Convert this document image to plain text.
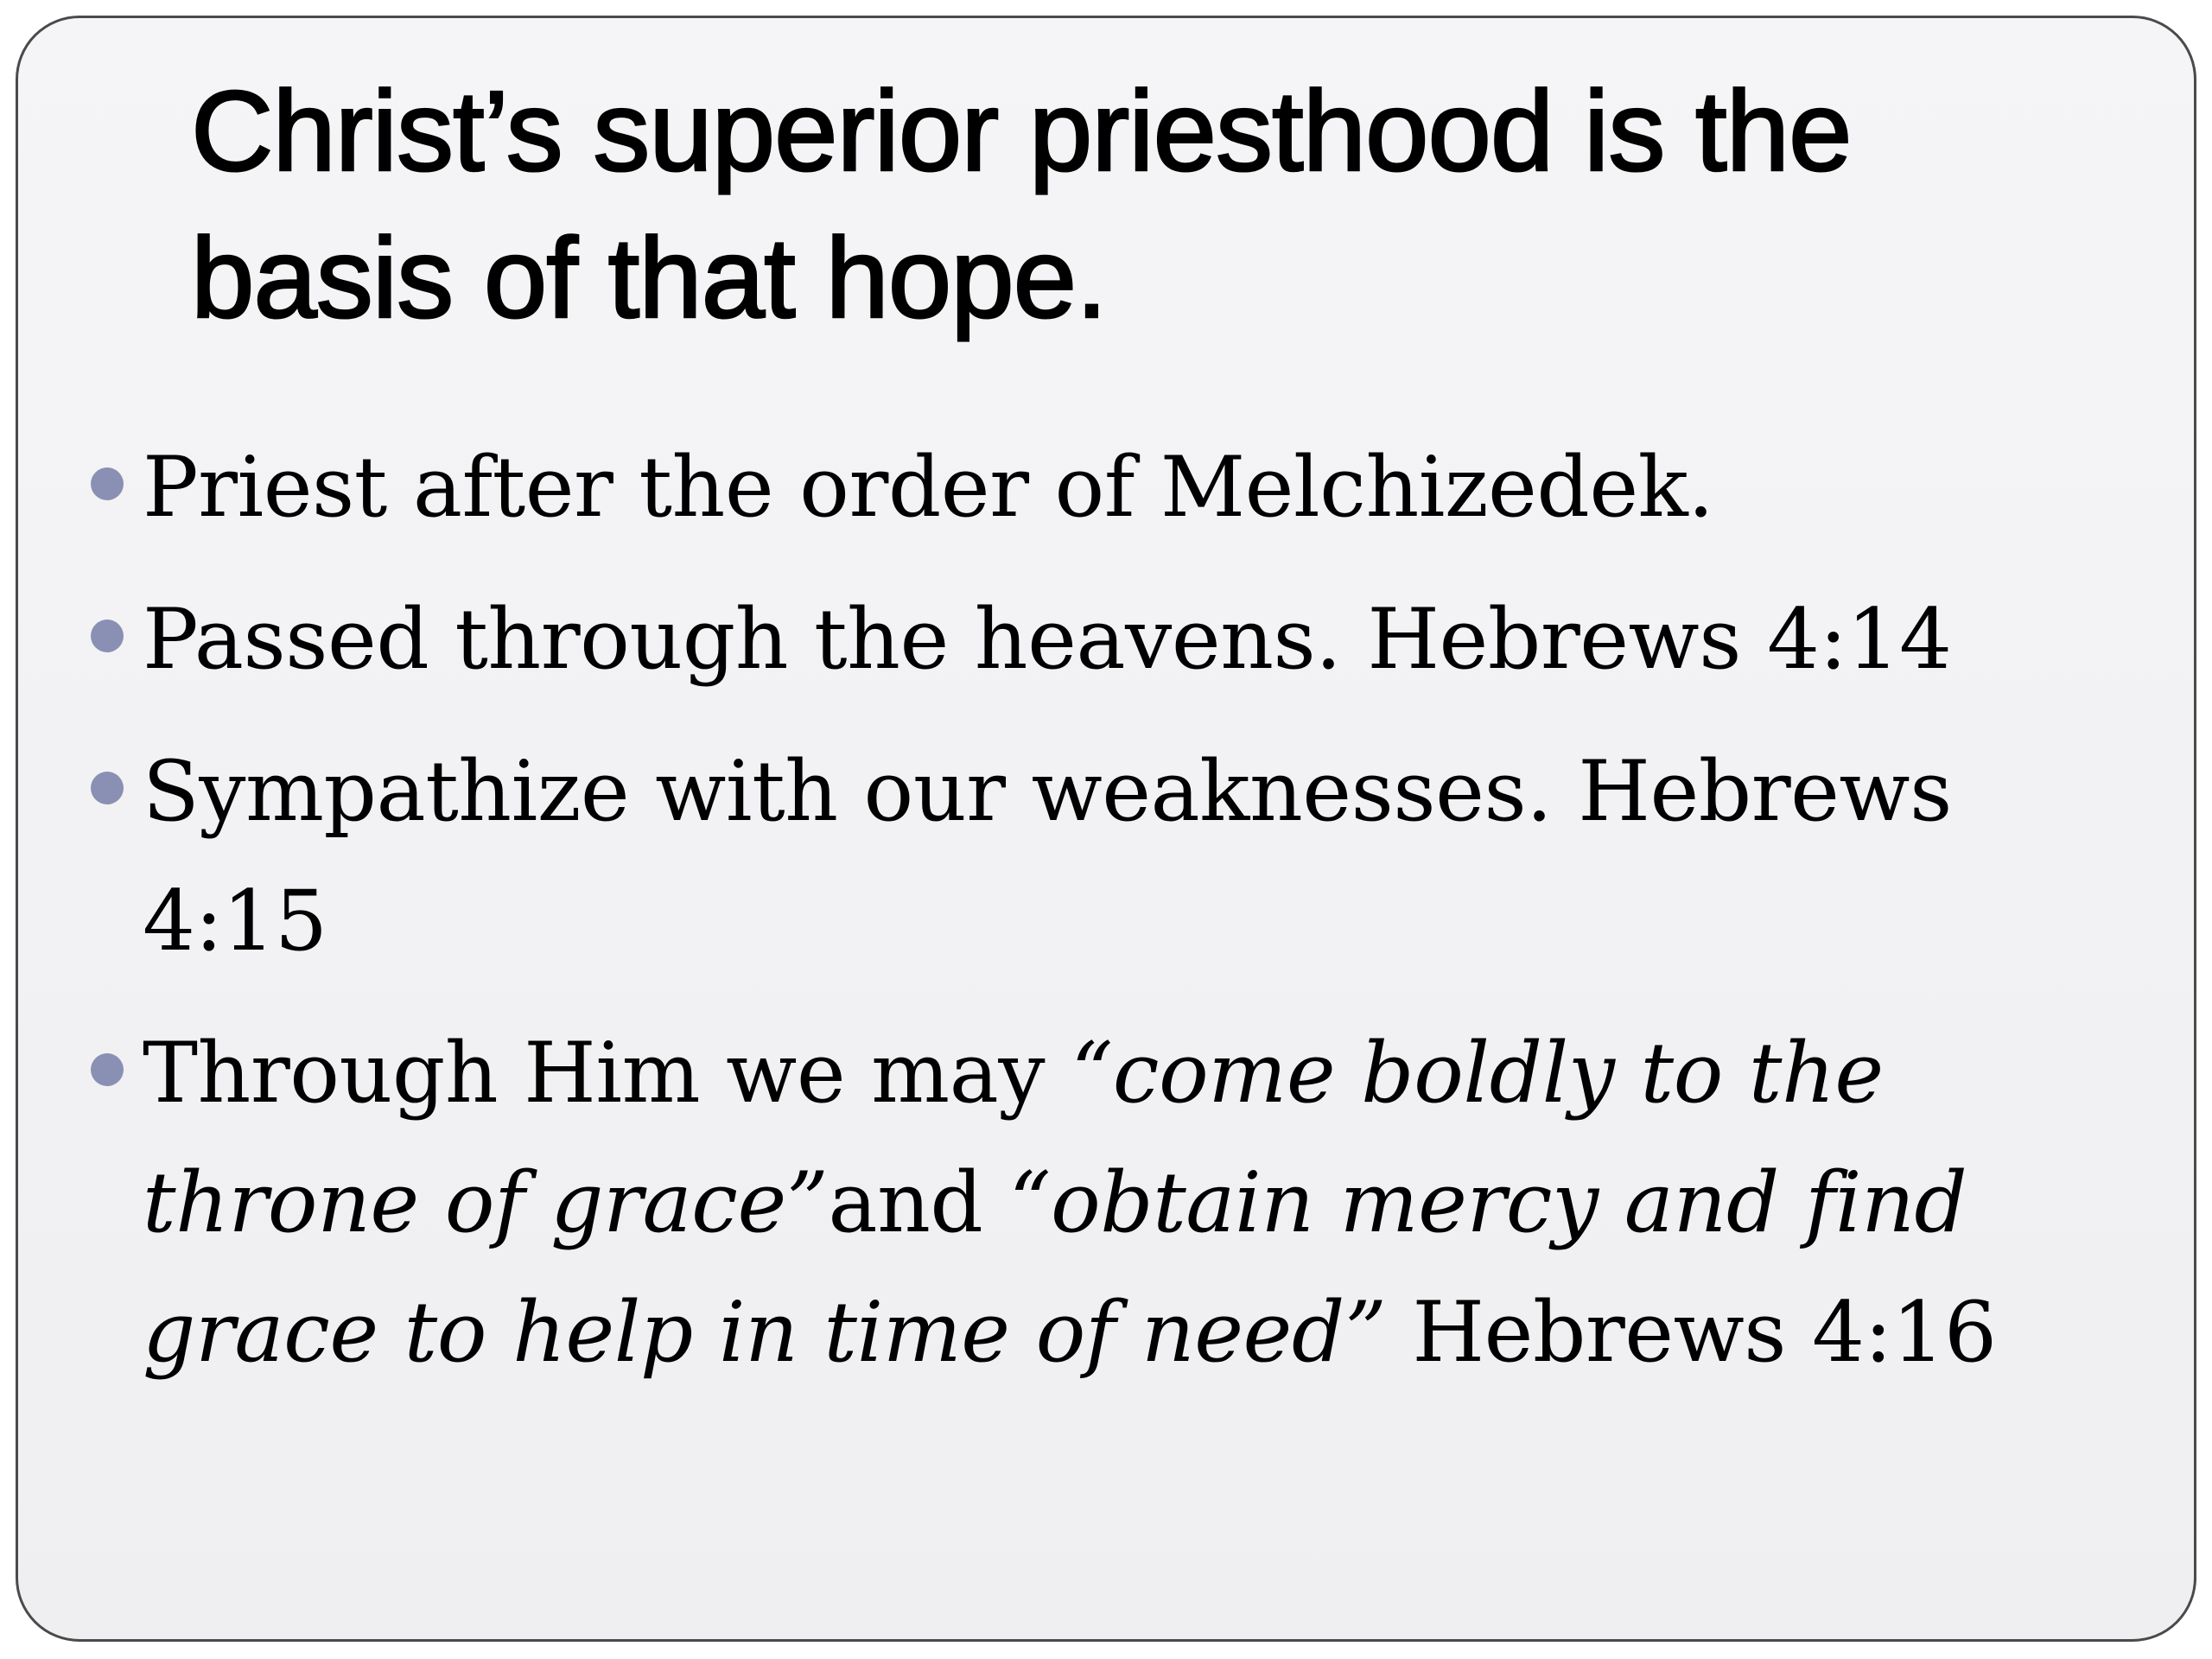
Christ’s superior priesthood is the basis of that hope.
Priest after the order of Melchizedek.
Passed through the heavens. Hebrews 4:14
Sympathize with our weaknesses. Hebrews 4:15
Through Him we may “come boldly to the throne of grace”and “obtain mercy and find grace to help in time of need” Hebrews 4:16
